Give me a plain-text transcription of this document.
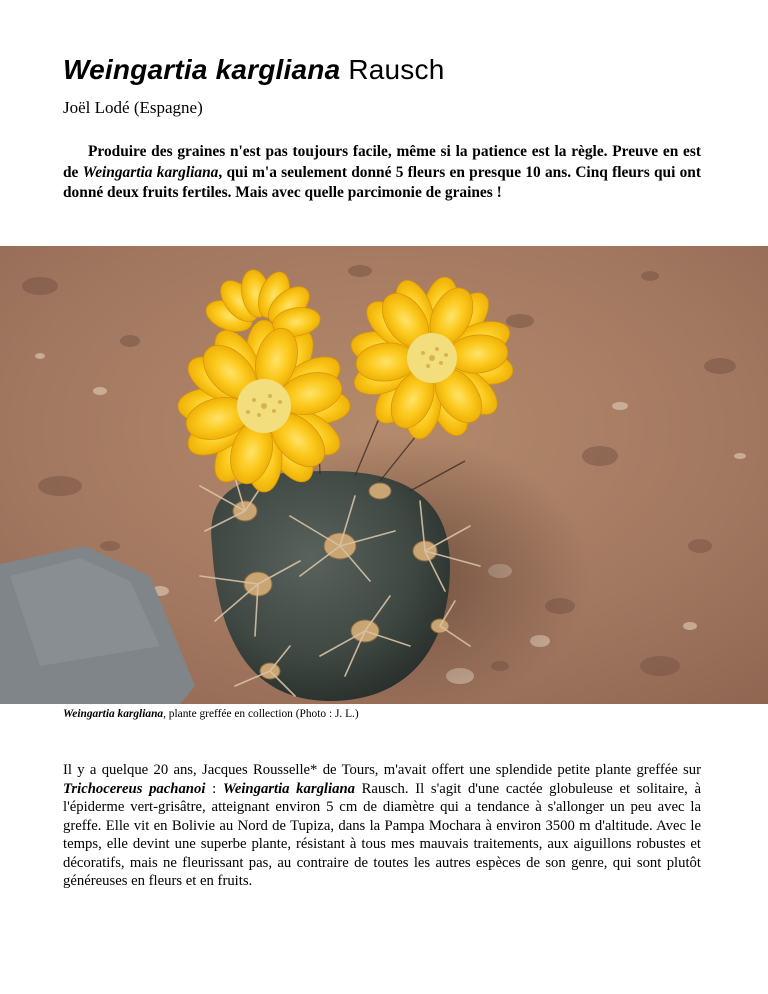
Weingartia kargliana Rausch
Joël Lodé (Espagne)

Produire des graines n'est pas toujours facile, même si la patience est la règle. Preuve en est de Weingartia kargliana, qui m'a seulement donné 5 fleurs en presque 10 ans. Cinq fleurs qui ont donné deux fruits fertiles. Mais avec quelle parcimonie de graines !

Weingartia kargliana, plante greffée en collection (Photo : J. L.)

Il y a quelque 20 ans, Jacques Rousselle* de Tours, m'avait offert une splendide petite plante greffée sur Trichocereus pachanoi : Weingartia kargliana Rausch. Il s'agit d'une cactée globuleuse et solitaire, à l'épiderme vert-grisâtre, atteignant environ 5 cm de diamètre qui a tendance à s'allonger un peu avec la greffe. Elle vit en Bolivie au Nord de Tupiza, dans la Pampa Mochara à environ 3500 m d'altitude. Avec le temps, elle devint une superbe plante, résistant à tous mes mauvais traitements, aux aiguillons robustes et décoratifs, mais ne fleurissant pas, au contraire de toutes les autres espèces de son genre, qui sont plutôt généreuses en fleurs et en fruits.
